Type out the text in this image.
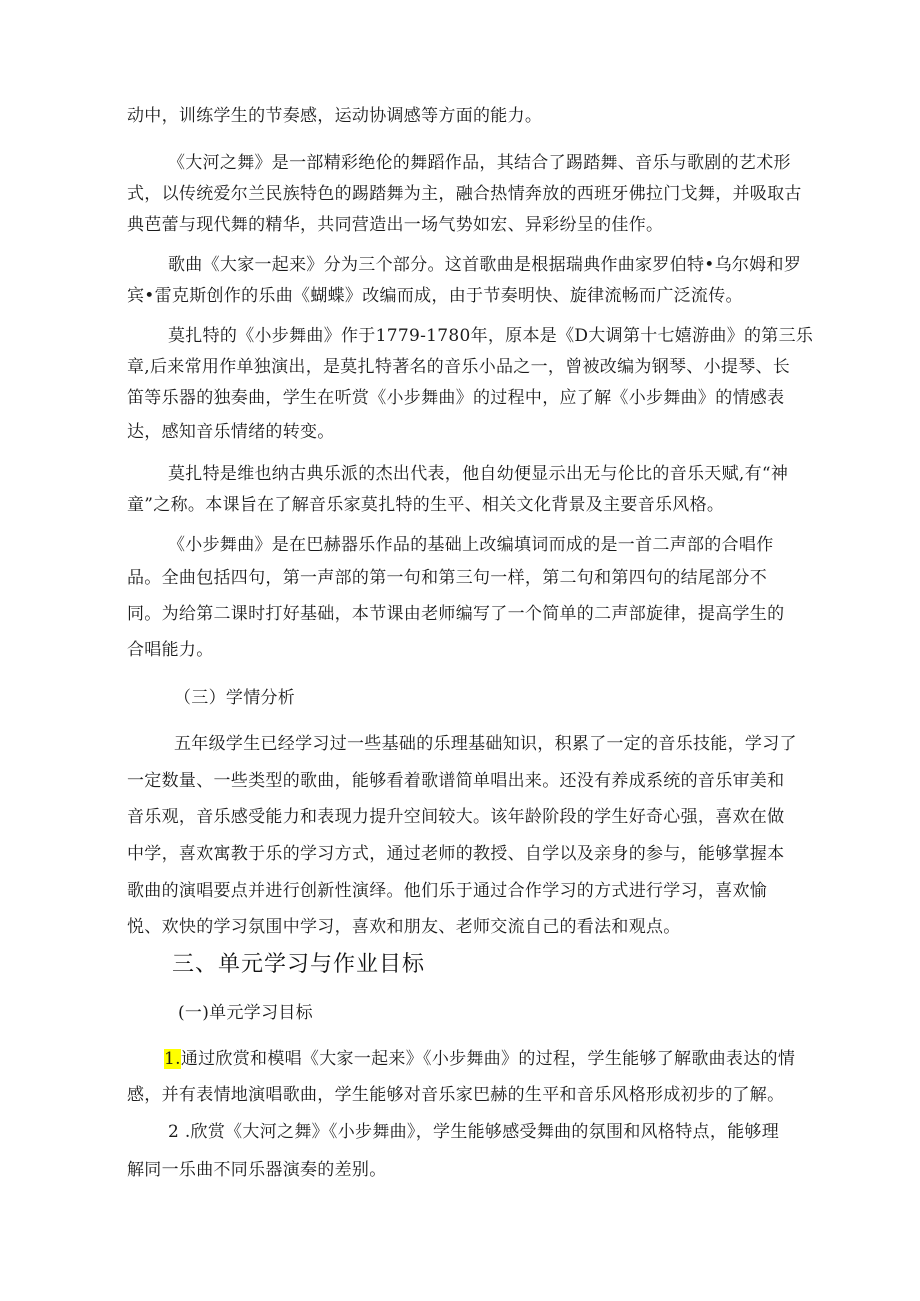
动中，训练学生的节奏感，运动协调感等方面的能力。
《大河之舞》是一部精彩绝伦的舞蹈作品，其结合了踢踏舞、音乐与歌剧的艺术形
式，以传统爱尔兰民族特色的踢踏舞为主，融合热情奔放的西班牙佛拉门戈舞，并吸取古
典芭蕾与现代舞的精华，共同营造出一场气势如宏、异彩纷呈的佳作。
歌曲《大家一起来》分为三个部分。这首歌曲是根据瑞典作曲家罗伯特•乌尔姆和罗
宾•雷克斯创作的乐曲《蝴蝶》改编而成，由于节奏明快、旋律流畅而广泛流传。
莫扎特的《小步舞曲》作于1779-1780年，原本是《D大调第十七嬉游曲》的第三乐
章,后来常用作单独演出，是莫扎特著名的音乐小品之一，曾被改编为钢琴、小提琴、长
笛等乐器的独奏曲，学生在听赏《小步舞曲》的过程中，应了解《小步舞曲》的情感表
达，感知音乐情绪的转变。
莫扎特是维也纳古典乐派的杰出代表，他自幼便显示出无与伦比的音乐天赋,有“神
童”之称。本课旨在了解音乐家莫扎特的生平、相关文化背景及主要音乐风格。
《小步舞曲》是在巴赫器乐作品的基础上改编填词而成的是一首二声部的合唱作
品。全曲包括四句，第一声部的第一句和第三句一样，第二句和第四句的结尾部分不
同。为给第二课时打好基础，本节课由老师编写了一个简单的二声部旋律，提高学生的
合唱能力。
（三）学情分析
五年级学生已经学习过一些基础的乐理基础知识，积累了一定的音乐技能，学习了
一定数量、一些类型的歌曲，能够看着歌谱简单唱出来。还没有养成系统的音乐审美和
音乐观，音乐感受能力和表现力提升空间较大。该年龄阶段的学生好奇心强，喜欢在做
中学，喜欢寓教于乐的学习方式，通过老师的教授、自学以及亲身的参与，能够掌握本
歌曲的演唱要点并进行创新性演绎。他们乐于通过合作学习的方式进行学习，喜欢愉
悦、欢快的学习氛围中学习，喜欢和朋友、老师交流自己的看法和观点。
三、单元学习与作业目标
(一)单元学习目标
1.通过欣赏和模唱《大家一起来》《小步舞曲》的过程，学生能够了解歌曲表达的情
感，并有表情地演唱歌曲，学生能够对音乐家巴赫的生平和音乐风格形成初步的了解。
2 .欣赏《大河之舞》《小步舞曲》，学生能够感受舞曲的氛围和风格特点，能够理
解同一乐曲不同乐器演奏的差别。
